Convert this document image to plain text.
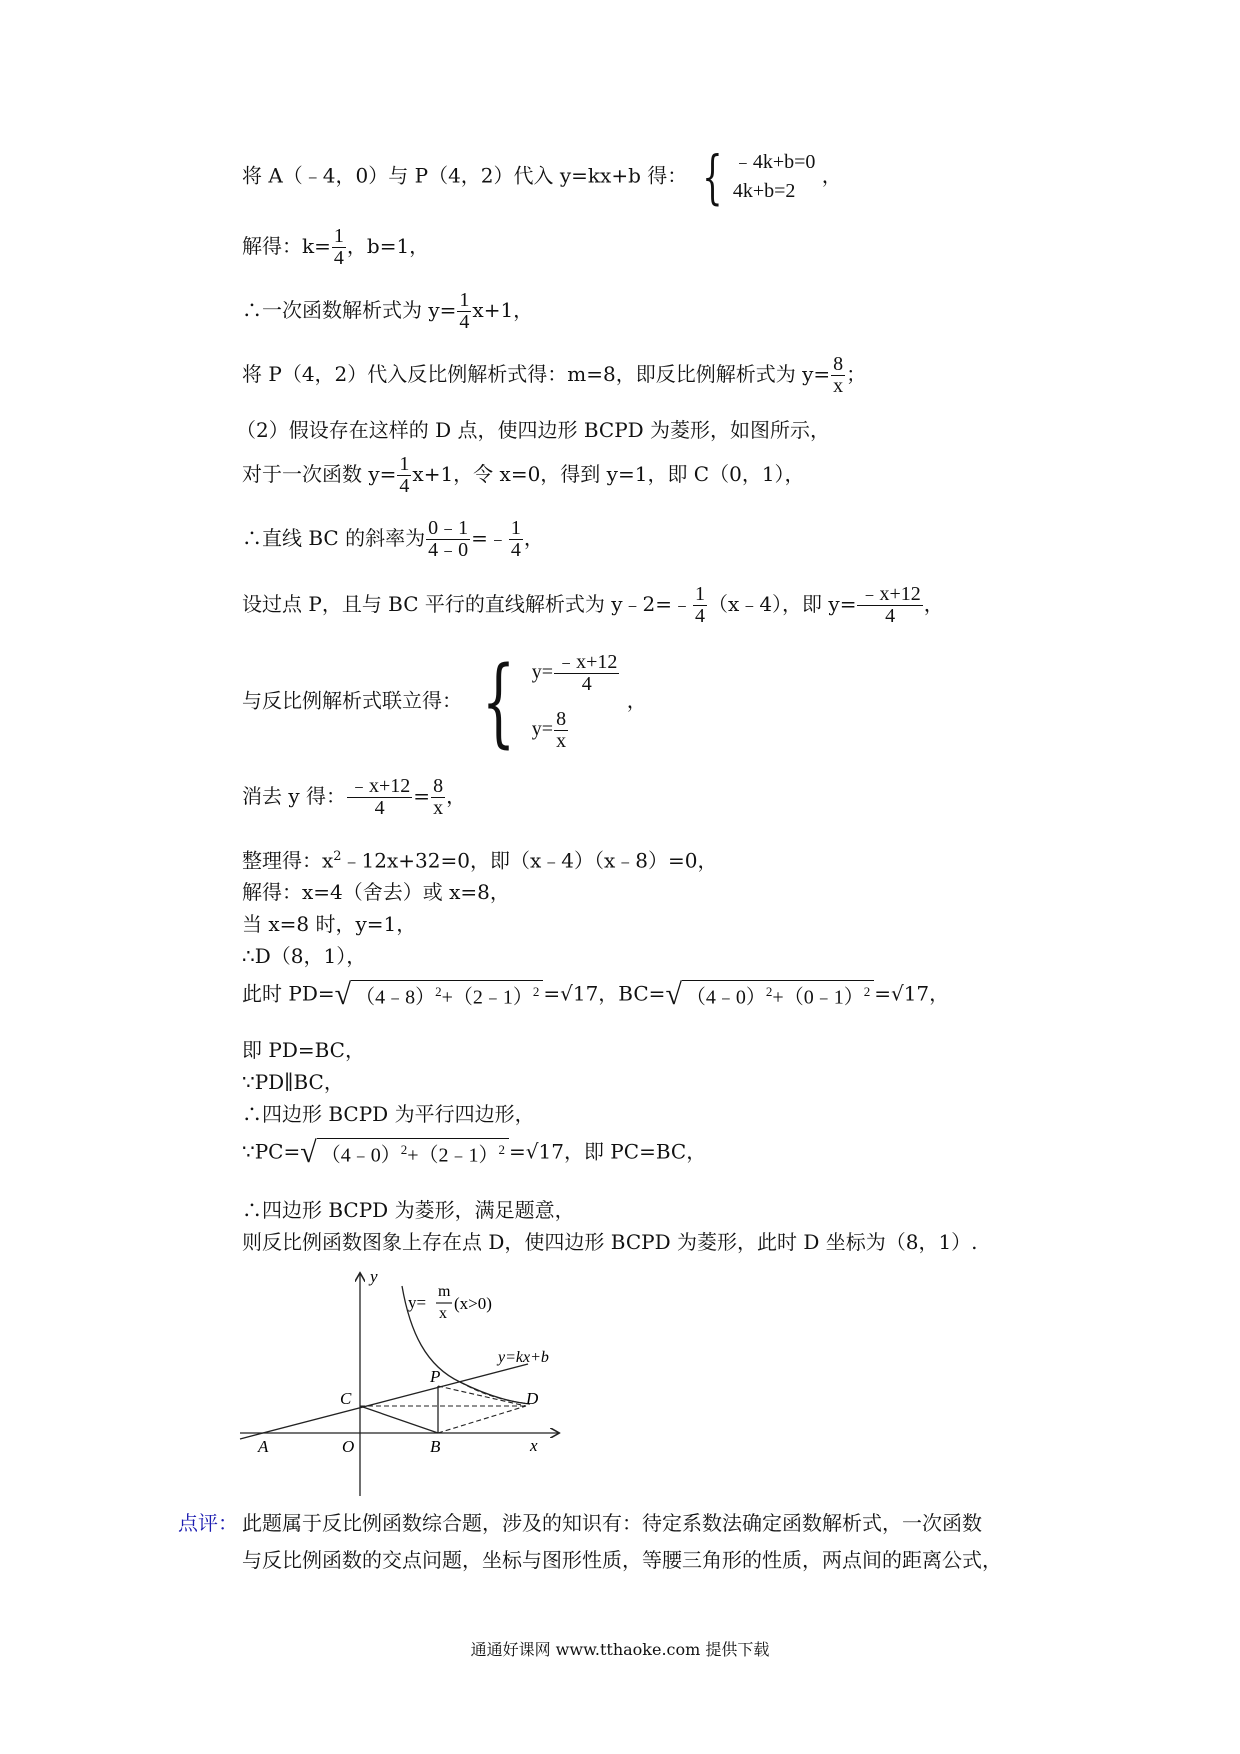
将 A（﹣4，0）与 P（4，2）代入 y=kx+b 得： { ﹣4k+b=0
4k+b=2
，
解得：$k= \frac{1}{4}$ ，b=1，
∴一次函数解析式为 $y= \frac{1}{4} x+1$，
将 P（4，2）代入反比例解析式得：m=8，即反比例解析式为 $y= \frac{8}{x}$ ；
（2）假设存在这样的 D 点，使四边形 BCPD 为菱形，如图所示，
对于一次函数 $y= \frac{1}{4} x+1$，令 x=0，得到 y=1，即 C（0，1），
∴直线 BC 的斜率为 $\frac{0﹣1}{4﹣0}$ =﹣ $\frac{1}{4}$ ，
设过点 P，且与 BC 平行的直线解析式为 y﹣2=﹣ $\frac{1}{4}$ （x﹣4），即 $y= \frac{﹣x+12}{4}$ ，
与反比例解析式联立得： { $y= \frac{﹣x+12}{4}$
$y= \frac{8}{x}$
，
消去 y 得： $\frac{﹣x+12}{4} = \frac{8}{x}$ ，
整理得：$x^2﹣12x+32=0$，即（x﹣4）（x﹣8）=0，
解得：x=4（舍去）或 x=8，
当 x=8 时，y=1，
∴D（8，1），
此时 PD= √ （4﹣8）$^2$+（2﹣1）$^2$ =√17，BC= √ （4﹣0）$^2$+（0﹣1）$^2$ =√17，
即 PD=BC，
∵PD∥BC，
∴四边形 BCPD 为平行四边形，
∵PC= √ （4﹣0）$^2$+（2﹣1）$^2$ =√17，即 PC=BC，
∴四边形 BCPD 为菱形，满足题意，
则反比例函数图象上存在点 D，使四边形 BCPD 为菱形，此时 D 坐标为（8，1）.
y
x
A	O	B
C
P
D
y=kx+b
y=
m
x
(x>0)
点评： 此题属于反比例函数综合题，涉及的知识有：待定系数法确定函数解析式，一次函数
与反比例函数的交点问题，坐标与图形性质，等腰三角形的性质，两点间的距离公式，
通通好课网 www.tthaoke.com 提供下载
